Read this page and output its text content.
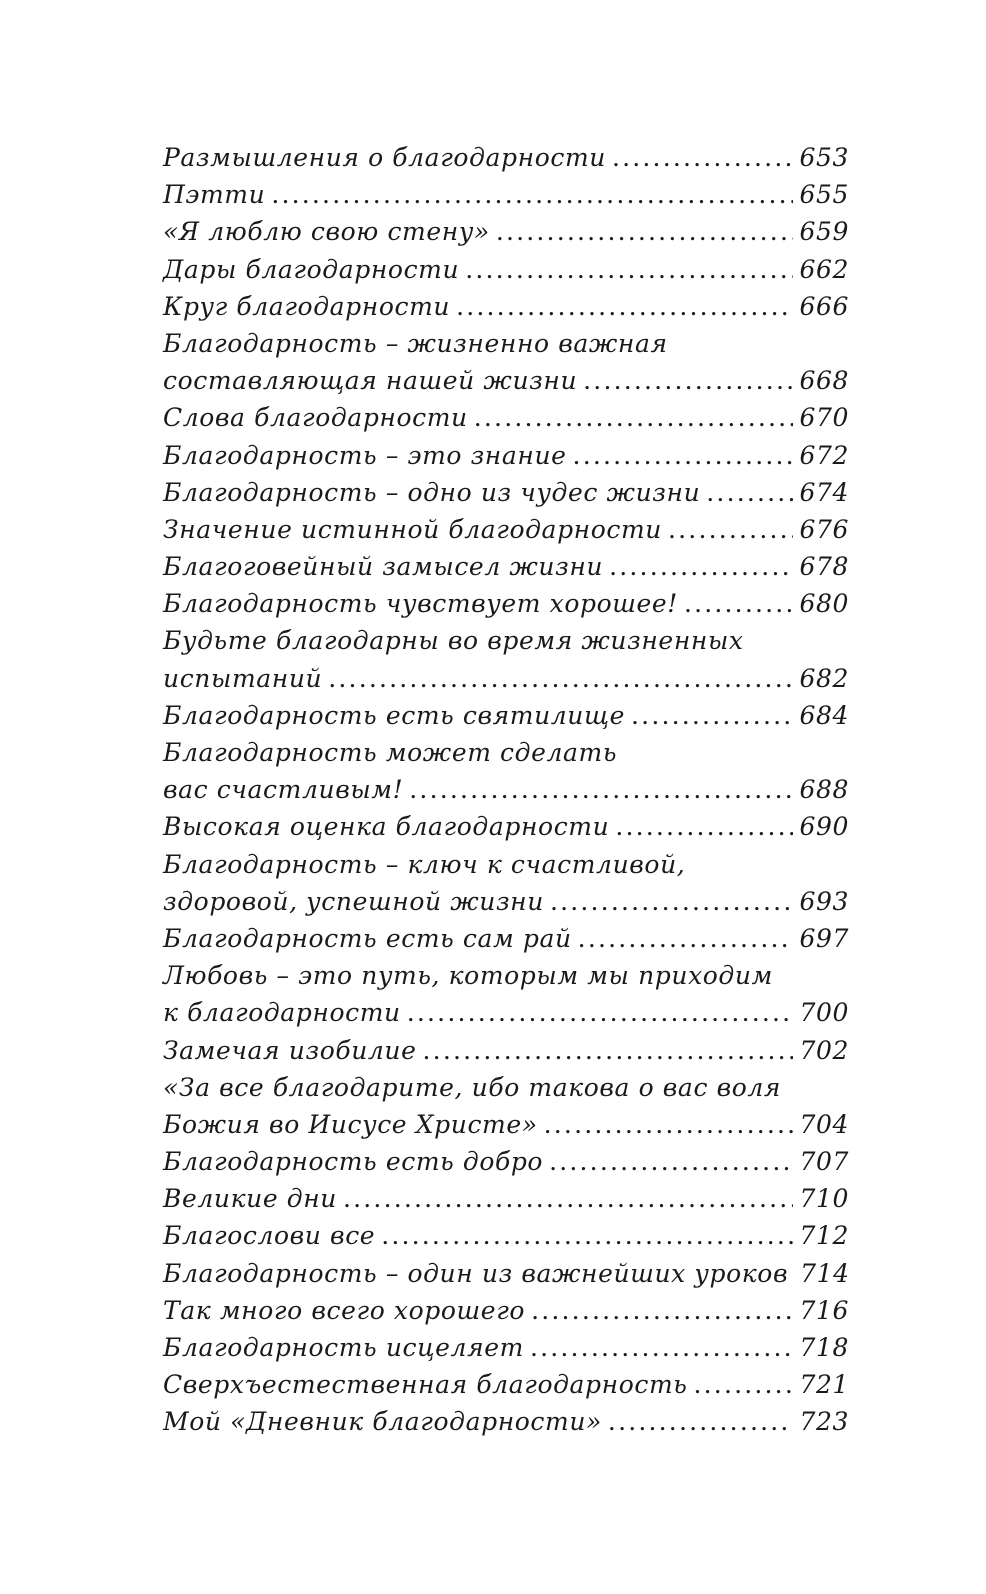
Размышления о благодарности .....	653
Пэтти .....	655
«Я люблю свою стену» .....	659
Дары благодарности .....	662
Круг благодарности .....	666
Благодарность – жизненно важная
составляющая нашей жизни .....	668
Слова благодарности .....	670
Благодарность – это знание .....	672
Благодарность – одно из чудес жизни .....	674
Значение истинной благодарности .....	676
Благоговейный замысел жизни .....	678
Благодарность чувствует хорошее! .....	680
Будьте благодарны во время жизненных
испытаний .....	682
Благодарность есть святилище .....	684
Благодарность может сделать
вас счастливым! .....	688
Высокая оценка благодарности .....	690
Благодарность – ключ к счастливой,
здоровой, успешной жизни .....	693
Благодарность есть сам рай .....	697
Любовь – это путь, которым мы приходим
к благодарности .....	700
Замечая изобилие .....	702
«За все благодарите, ибо такова о вас воля
Божия во Иисусе Христе» .....	704
Благодарность есть добро .....	707
Великие дни .....	710
Благослови все .....	712
Благодарность – один из важнейших уроков 714
Так много всего хорошего .....	716
Благодарность исцеляет .....	718
Сверхъестественная благодарность .....	721
Мой «Дневник благодарности» .....	723
